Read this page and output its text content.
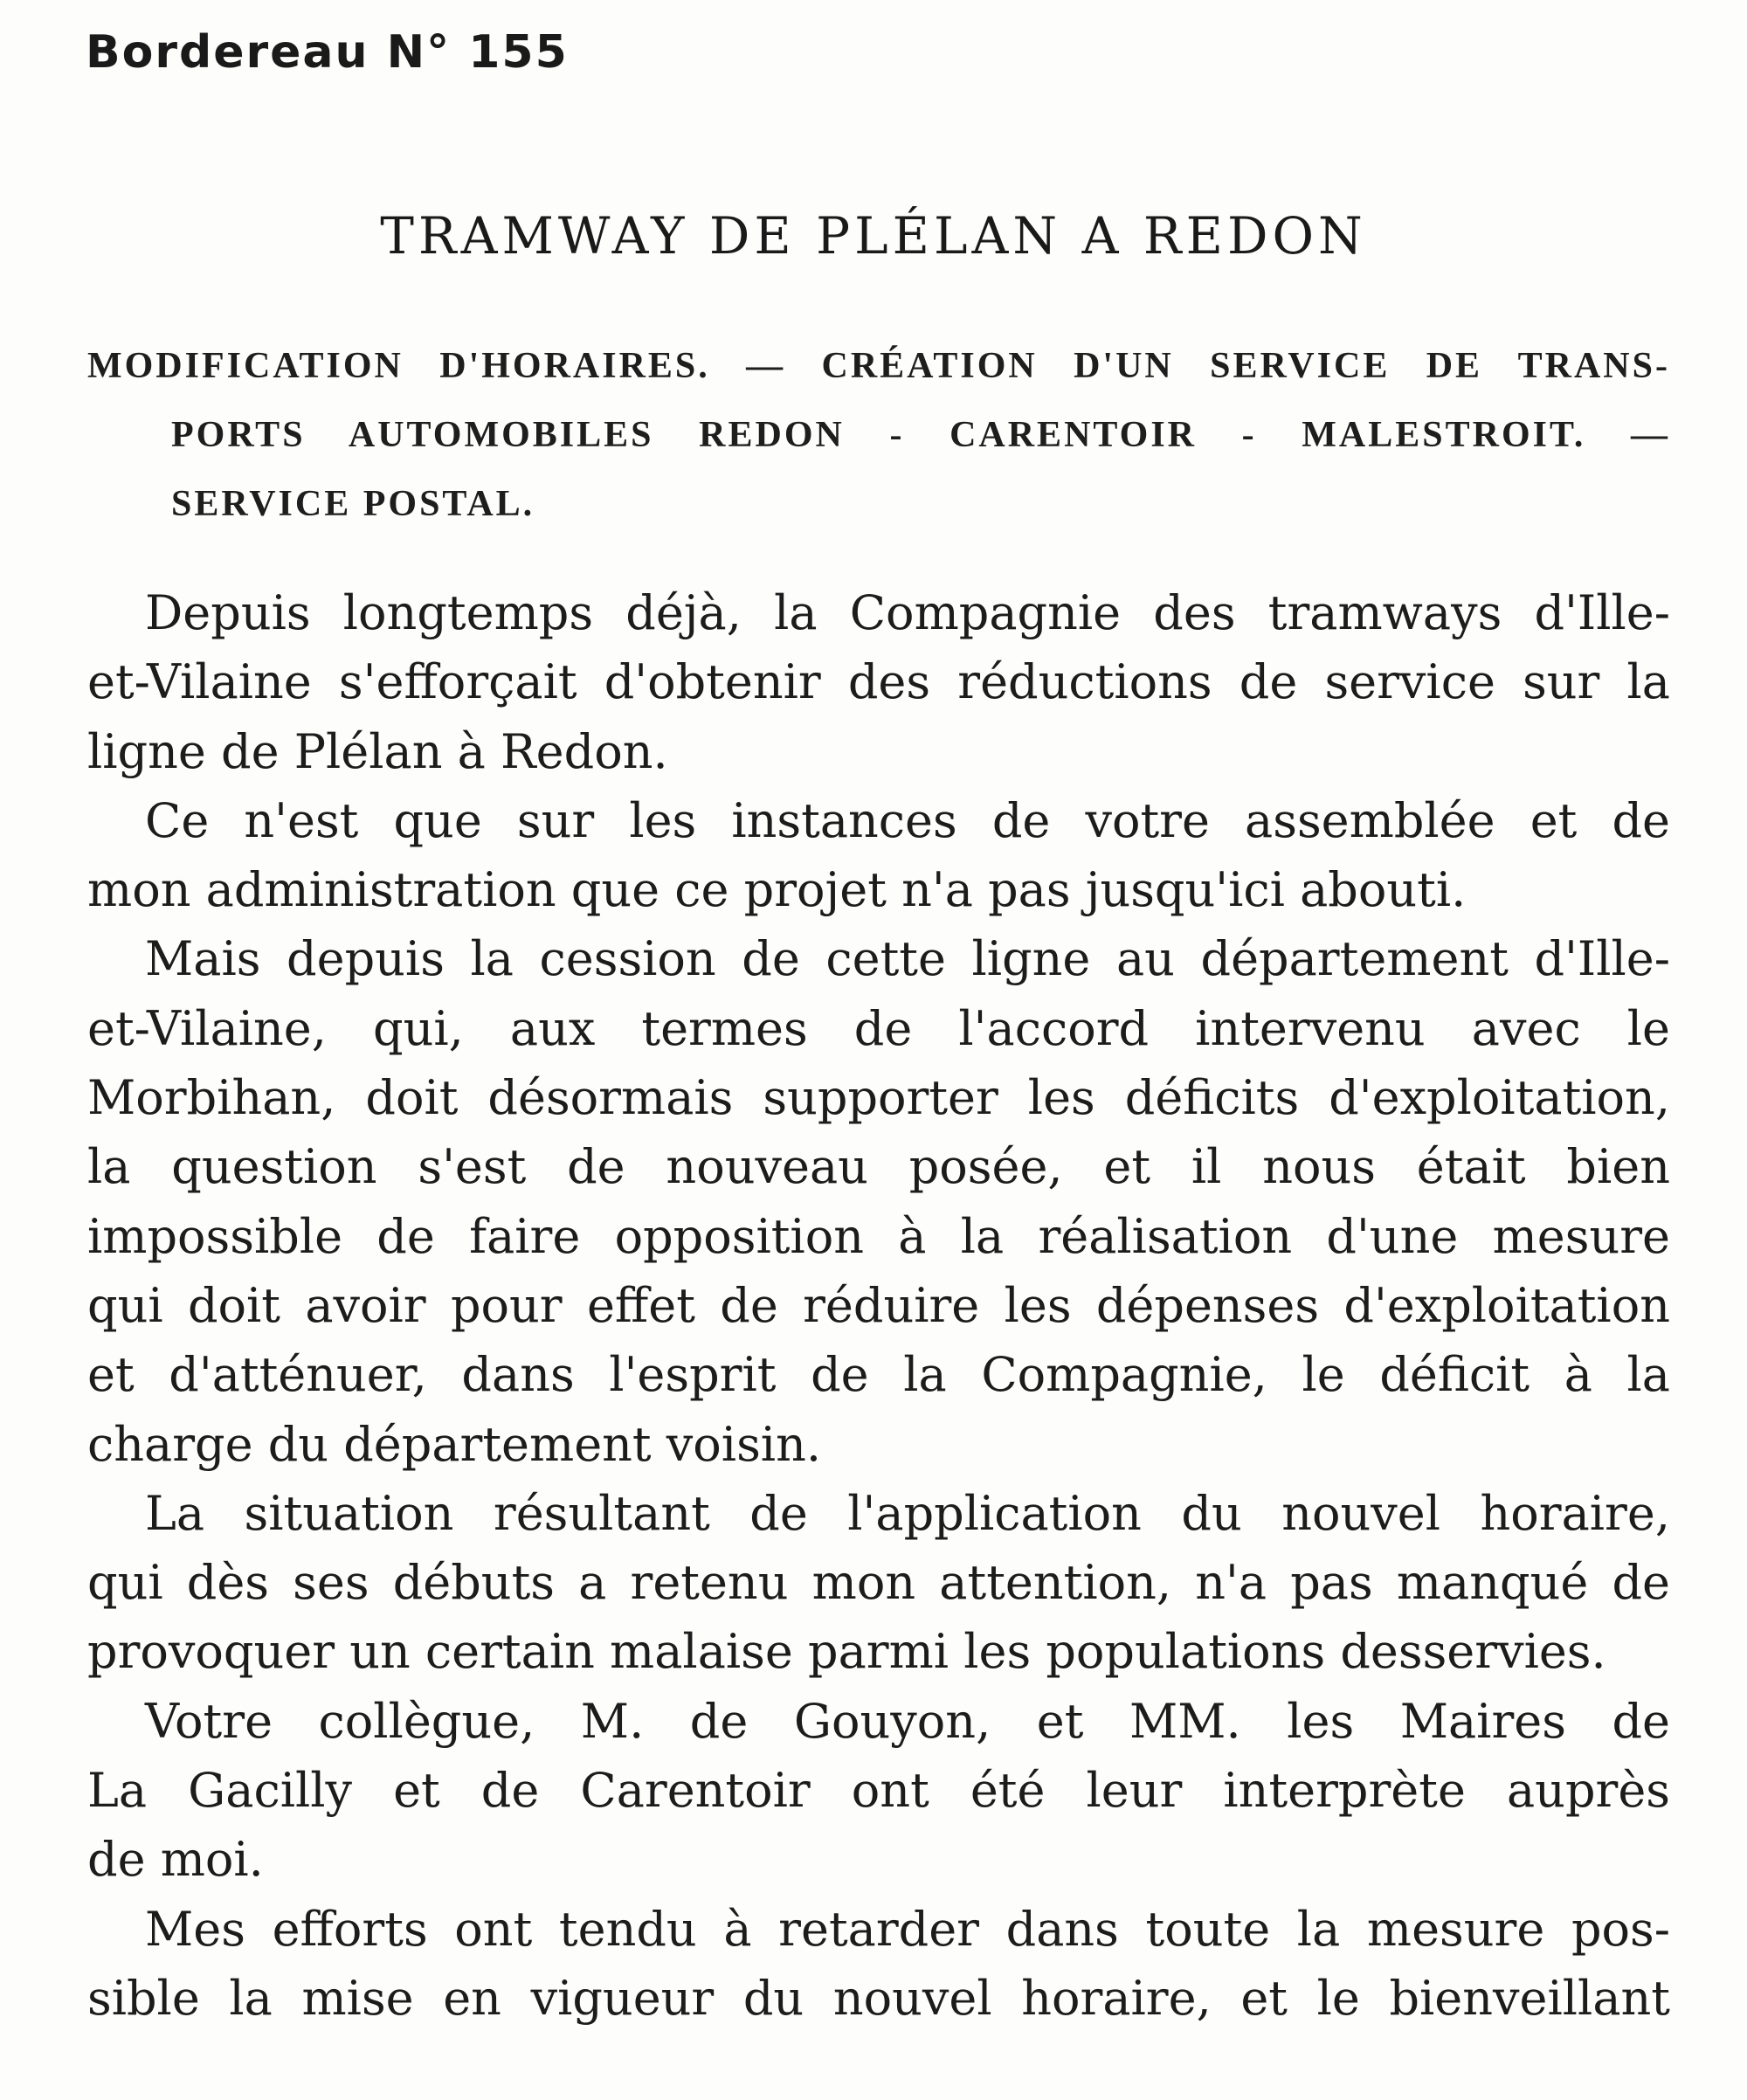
Bordereau N° 155
TRAMWAY DE PLÉLAN A REDON
MODIFICATION D'HORAIRES. — CRÉATION D'UN SERVICE DE TRANS-
PORTS AUTOMOBILES REDON - CARENTOIR - MALESTROIT. —
SERVICE POSTAL.
Depuis longtemps déjà, la Compagnie des tramways d'Ille-
et-Vilaine s'efforçait d'obtenir des réductions de service sur la
ligne de Plélan à Redon.
Ce n'est que sur les instances de votre assemblée et de
mon administration que ce projet n'a pas jusqu'ici abouti.
Mais depuis la cession de cette ligne au département d'Ille-
et-Vilaine, qui, aux termes de l'accord intervenu avec le
Morbihan, doit désormais supporter les déficits d'exploitation,
la question s'est de nouveau posée, et il nous était bien
impossible de faire opposition à la réalisation d'une mesure
qui doit avoir pour effet de réduire les dépenses d'exploitation
et d'atténuer, dans l'esprit de la Compagnie, le déficit à la
charge du département voisin.
La situation résultant de l'application du nouvel horaire,
qui dès ses débuts a retenu mon attention, n'a pas manqué de
provoquer un certain malaise parmi les populations desservies.
Votre collègue, M. de Gouyon, et MM. les Maires de
La Gacilly et de Carentoir ont été leur interprète auprès
de moi.
Mes efforts ont tendu à retarder dans toute la mesure pos-
sible la mise en vigueur du nouvel horaire, et le bienveillant
